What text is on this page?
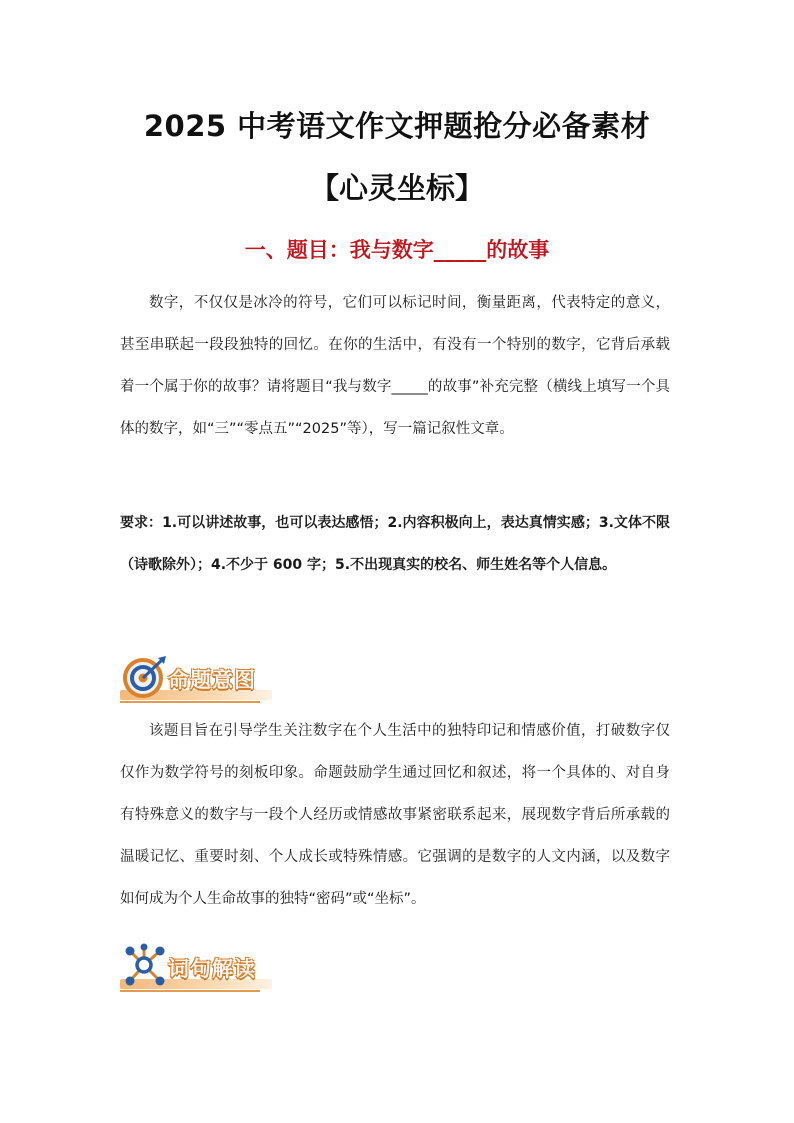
2025 中考语文作文押题抢分必备素材
【心灵坐标】
一、题目：我与数字_____的故事
数字，不仅仅是冰冷的符号，它们可以标记时间，衡量距离，代表特定的意义，甚至串联起一段段独特的回忆。在你的生活中，有没有一个特别的数字，它背后承载着一个属于你的故事？请将题目“我与数字_____的故事”补充完整（横线上填写一个具体的数字，如“三”“零点五”“2025”等），写一篇记叙性文章。
要求：1.可以讲述故事，也可以表达感悟；2.内容积极向上，表达真情实感；3.文体不限（诗歌除外）；4.不少于 600 字；5.不出现真实的校名、师生姓名等个人信息。
命题意图
该题目旨在引导学生关注数字在个人生活中的独特印记和情感价值，打破数字仅仅作为数学符号的刻板印象。命题鼓励学生通过回忆和叙述，将一个具体的、对自身有特殊意义的数字与一段个人经历或情感故事紧密联系起来，展现数字背后所承载的温暖记忆、重要时刻、个人成长或特殊情感。它强调的是数字的人文内涵，以及数字如何成为个人生命故事的独特“密码”或“坐标”。
词句解读
